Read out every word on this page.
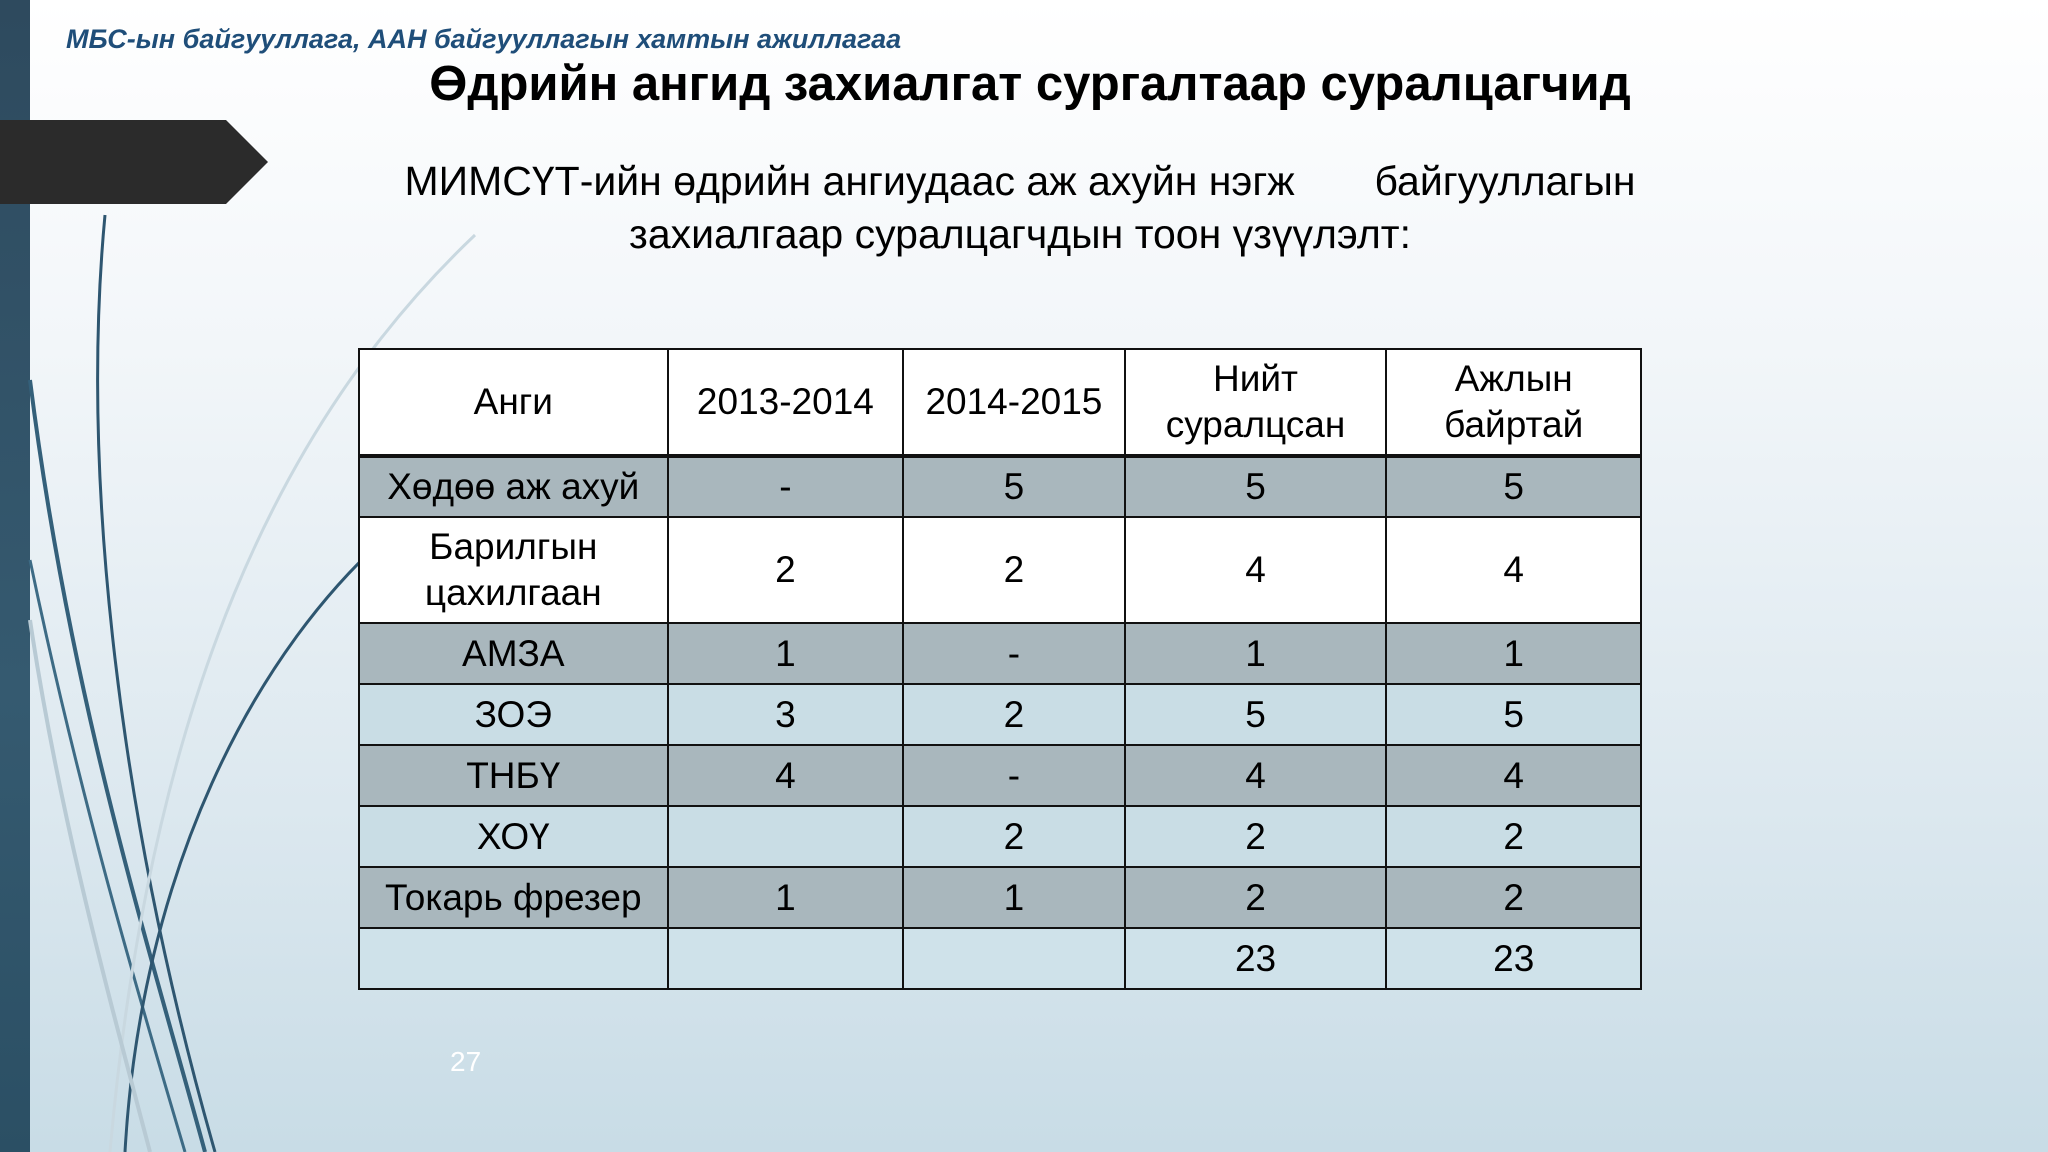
МБС-ын байгууллага, ААН байгууллагын хамтын ажиллагаа
Өдрийн ангид захиалгат сургалтаар суралцагчид
МИМСҮТ-ийн өдрийн ангиудаас аж ахуйн нэгж       байгууллагын
захиалгаар суралцагчдын тоон үзүүлэлт:
Анги	2013-2014	2014-2015	Нийт суралцсан	Ажлын байртай
Хөдөө аж ахуй	-	5	5	5
Барилгын цахилгаан	2	2	4	4
АМЗА	1	-	1	1
ЗОЭ	3	2	5	5
ТНБҮ	4	-	4	4
ХОҮ		2	2	2
Токарь фрезер	1	1	2	2
			23	23
27
